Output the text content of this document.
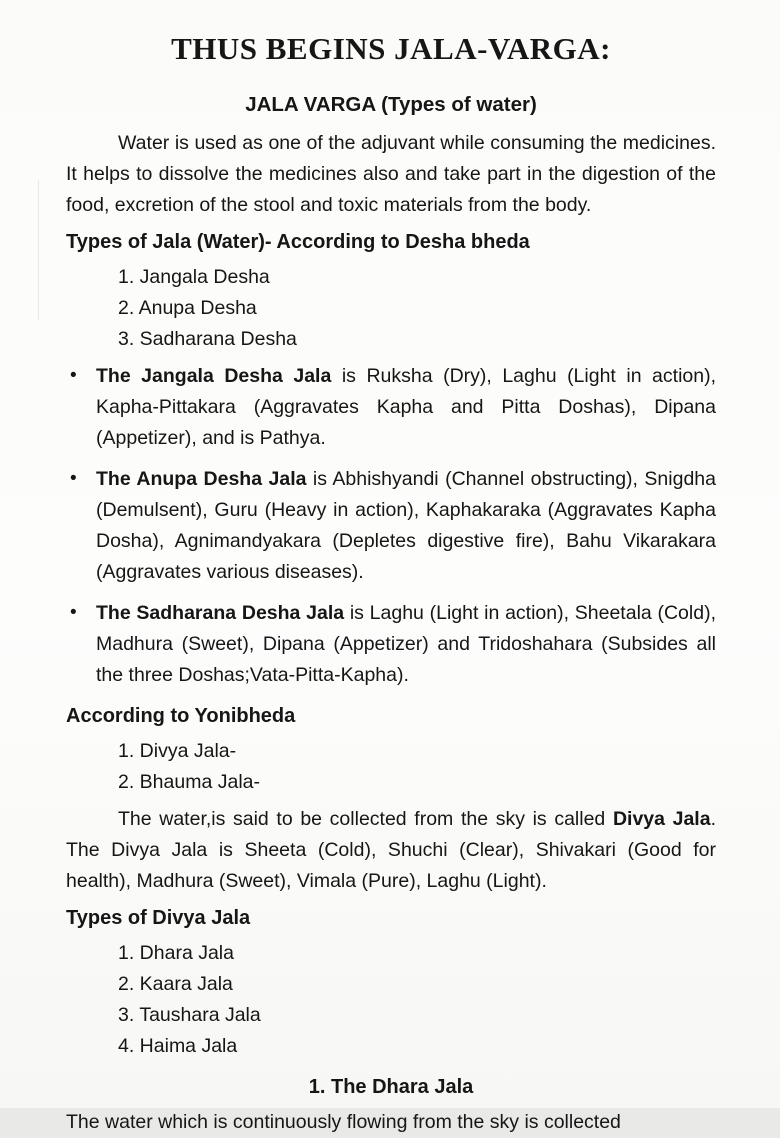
THUS BEGINS JALA-VARGA:
JALA VARGA (Types of water)

Water is used as one of the adjuvant while consuming the medicines. It helps to dissolve the medicines also and take part in the digestion of the food, excretion of the stool and toxic materials from the body.

Types of Jala (Water)- According to Desha bheda
1. Jangala Desha
2. Anupa Desha
3. Sadharana Desha
• The Jangala Desha Jala is Ruksha (Dry), Laghu (Light in action), Kapha-Pittakara (Aggravates Kapha and Pitta Doshas), Dipana (Appetizer), and is Pathya.
• The Anupa Desha Jala is Abhishyandi (Channel obstructing), Snigdha (Demulsent), Guru (Heavy in action), Kaphakaraka (Aggravates Kapha Dosha), Agnimandyakara (Depletes digestive fire), Bahu Vikarakara (Aggravates various diseases).
• The Sadharana Desha Jala is Laghu (Light in action), Sheetala (Cold), Madhura (Sweet), Dipana (Appetizer) and Tridoshahara (Subsides all the three Doshas;Vata-Pitta-Kapha).
According to Yonibheda
1. Divya Jala-
2. Bhauma Jala-

The water,is said to be collected from the sky is called Divya Jala. The Divya Jala is Sheeta (Cold), Shuchi (Clear), Shivakari (Good for health), Madhura (Sweet), Vimala (Pure), Laghu (Light).

Types of Divya Jala
1. Dhara Jala
2. Kaara Jala
3. Taushara Jala
4. Haima Jala
1. The Dhara Jala

The water which is continuously flowing from the sky is collected
